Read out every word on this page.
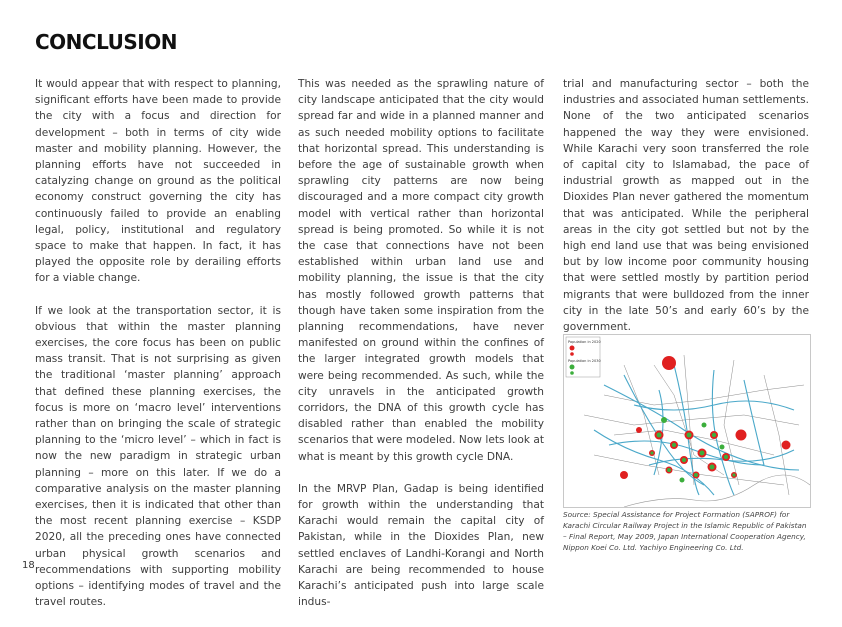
CONCLUSION

It would appear that with respect to planning, significant efforts have been made to provide the city with a focus and direction for development – both in terms of city wide master and mobility planning. However, the planning efforts have not succeeded in catalyzing change on ground as the political economy construct governing the city has continuously failed to provide an enabling legal, policy, institutional and regulatory space to make that happen. In fact, it has played the opposite role by derailing efforts for a viable change.

If we look at the transportation sector, it is obvious that within the master planning exercises, the core focus has been on public mass transit. That is not surprising as given the traditional ‘master planning’ approach that defined these planning exercises, the focus is more on ‘macro level’ interventions rather than on bringing the scale of strategic planning to the ‘micro level’ – which in fact is now the new paradigm in strategic urban planning – more on this later. If we do a comparative analysis on the master planning exercises, then it is indicated that other than the most recent planning exercise – KSDP 2020, all the preceding ones have connected urban physical growth scenarios and recommendations with supporting mobility options – identifying modes of travel and the travel routes.

This was needed as the sprawling nature of city landscape anticipated that the city would spread far and wide in a planned manner and as such needed mobility options to facilitate that horizontal spread. This understanding is before the age of sustainable growth when sprawling city patterns are now being discouraged and a more compact city growth model with vertical rather than horizontal spread is being promoted. So while it is not the case that connections have not been established within urban land use and mobility planning, the issue is that the city has mostly followed growth patterns that though have taken some inspiration from the planning recommendations, have never manifested on ground within the confines of the larger integrated growth models that were being recommended. As such, while the city unravels in the anticipated growth corridors, the DNA of this growth cycle has disabled rather than enabled the mobility scenarios that were modeled. Now lets look at what is meant by this growth cycle DNA.

In the MRVP Plan, Gadap is being identified for growth within the understanding that Karachi would remain the capital city of Pakistan, while in the Dioxides Plan, new settled enclaves of Landhi-Korangi and North Karachi are being recommended to house Karachi’s anticipated push into large scale indus-

trial and manufacturing sector – both the industries and associated human settlements. None of the two anticipated scenarios happened the way they were envisioned. While Karachi very soon transferred the role of capital city to Islamabad, the pace of industrial growth as mapped out in the Dioxides Plan never gathered the momentum that was anticipated. While the peripheral areas in the city got settled but not by the high end land use that was being envisioned but by low income poor community housing that were settled mostly by partition period migrants that were bulldozed from the inner city in the late 50’s and early 60’s by the government.

Population in 2020
Population in 2030
Source: Special Assistance for Project Formation (SAPROF) for Karachi Circular Railway Project in the Islamic Republic of Pakistan – Final Report, May 2009, Japan International Cooperation Agency, Nippon Koei Co. Ltd. Yachiyo Engineering Co. Ltd.
18
